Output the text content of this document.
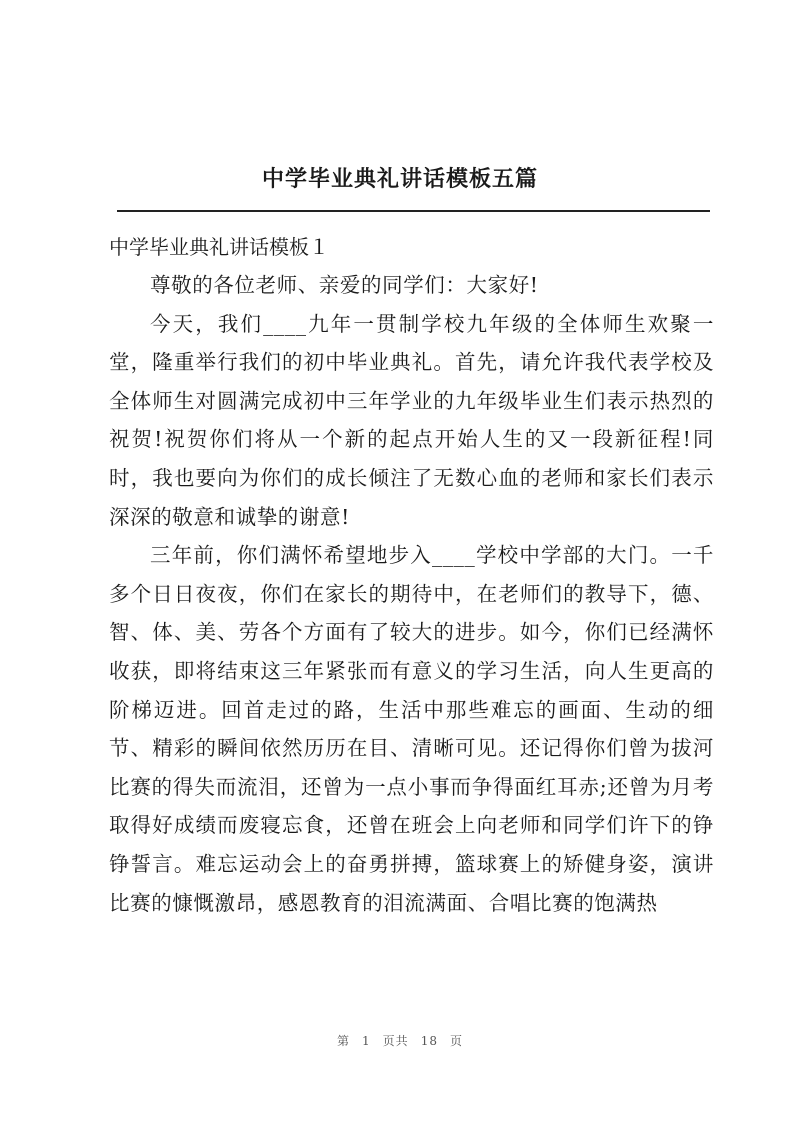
中学毕业典礼讲话模板五篇

中学毕业典礼讲话模板１

尊敬的各位老师、亲爱的同学们：大家好!

今天，我们____九年一贯制学校九年级的全体师生欢聚一堂，隆重举行我们的初中毕业典礼。首先，请允许我代表学校及全体师生对圆满完成初中三年学业的九年级毕业生们表示热烈的祝贺!祝贺你们将从一个新的起点开始人生的又一段新征程!同时，我也要向为你们的成长倾注了无数心血的老师和家长们表示深深的敬意和诚挚的谢意!

三年前，你们满怀希望地步入____学校中学部的大门。一千多个日日夜夜，你们在家长的期待中，在老师们的教导下，德、智、体、美、劳各个方面有了较大的进步。如今，你们已经满怀收获，即将结束这三年紧张而有意义的学习生活，向人生更高的阶梯迈进。回首走过的路，生活中那些难忘的画面、生动的细节、精彩的瞬间依然历历在目、清晰可见。还记得你们曾为拔河比赛的得失而流泪，还曾为一点小事而争得面红耳赤;还曾为月考取得好成绩而废寝忘食，还曾在班会上向老师和同学们许下的铮铮誓言。难忘运动会上的奋勇拼搏，篮球赛上的矫健身姿，演讲比赛的慷慨激昂，感恩教育的泪流满面、合唱比赛的饱满热

第 1 页共 18 页
